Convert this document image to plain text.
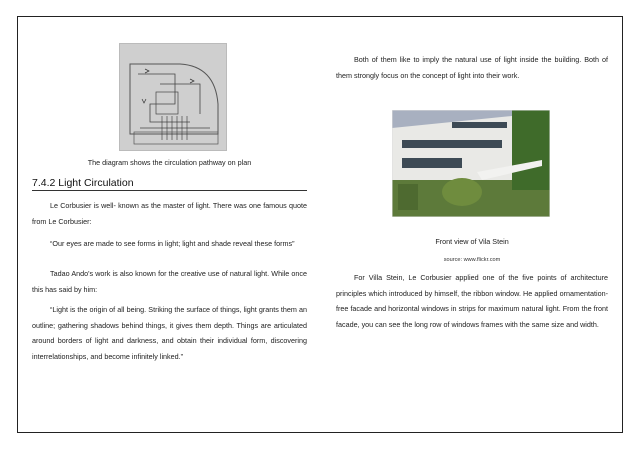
The diagram shows the circulation pathway on plan
7.4.2 Light Circulation
Le Corbusier is well- known as the master of light. There was one famous quote from Le Corbusier:
“Our eyes are made to see forms in light; light and shade reveal these forms”
Tadao Ando's work is also known for the creative use of natural light. While once this has said by him:
“Light is the origin of all being. Striking the surface of things, light grants them an outline; gathering shadows behind things, it gives them depth. Things are articulated around borders of light and darkness, and obtain their individual form, discovering interrelationships, and become infinitely linked.”
Both of them like to imply the natural use of light inside the building. Both of them strongly focus on the concept of light into their work.
Front view of Vila Stein
source: www.flickr.com
For Villa Stein, Le Corbusier applied one of the five points of architecture principles which introduced by himself, the ribbon window. He applied ornamentation-free facade and horizontal windows in strips for maximum natural light. From the front facade, you can see the long row of windows frames with the same size and width.
